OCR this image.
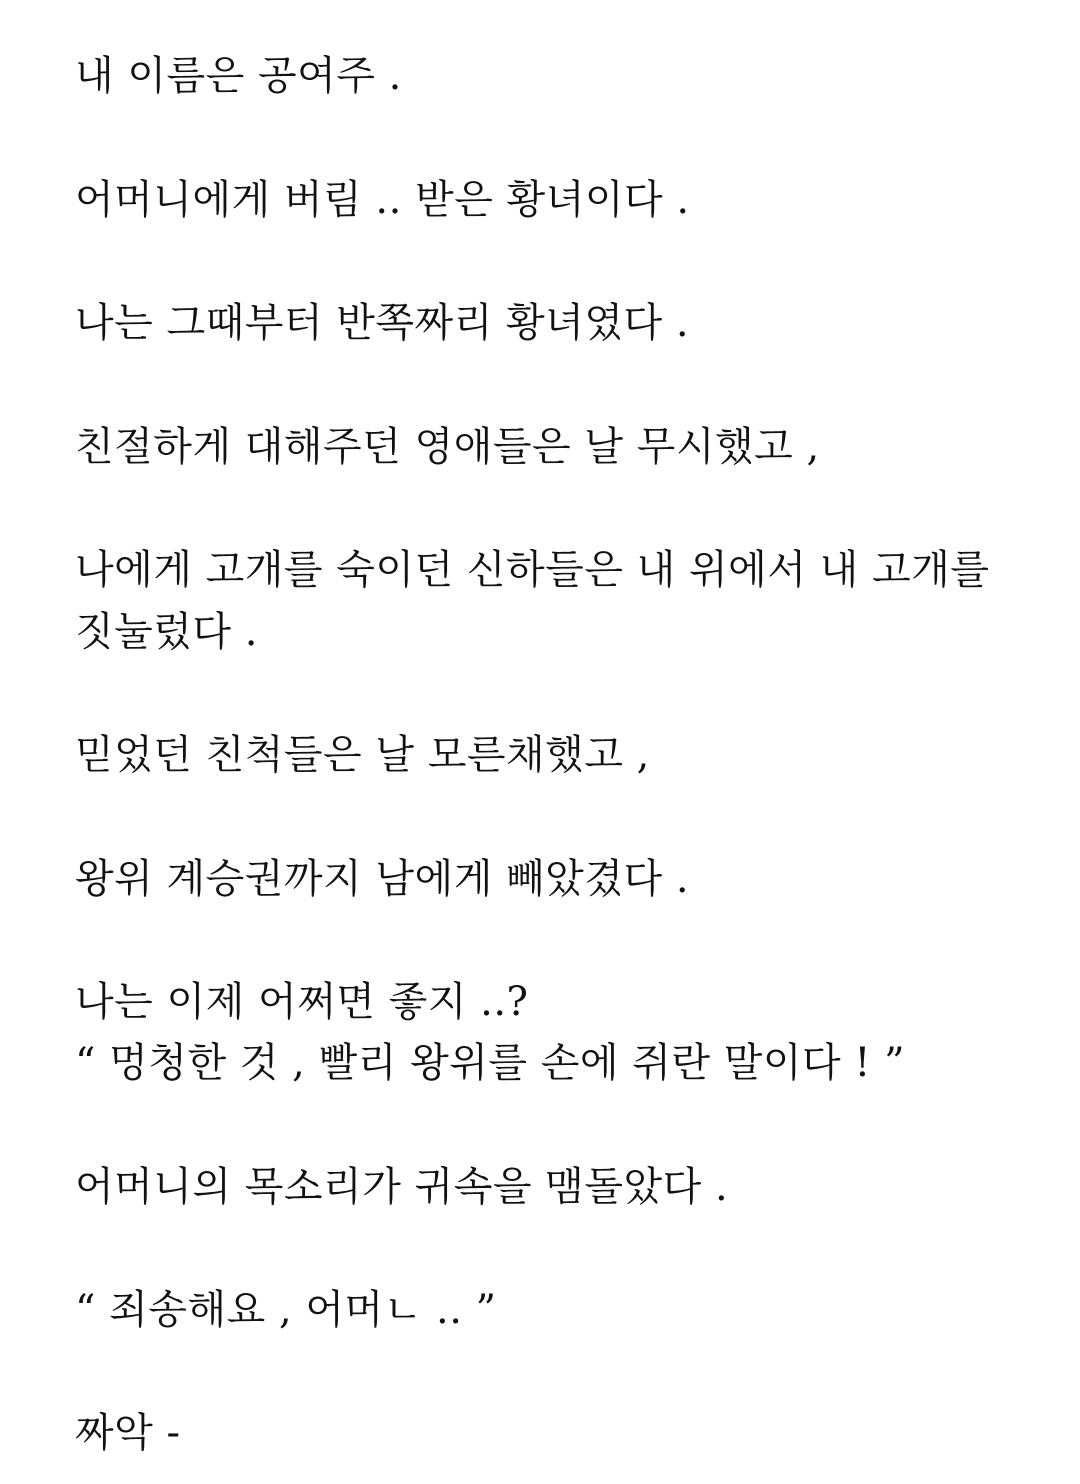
내 이름은 공여주 .

어머니에게 버림 .. 받은 황녀이다 .

나는 그때부터 반쪽짜리 황녀였다 .

친절하게 대해주던 영애들은 날 무시했고 ,

나에게 고개를 숙이던 신하들은 내 위에서 내 고개를

짓눌렀다 .

믿었던 친척들은 날 모른채했고 ,

왕위 계승권까지 남에게 빼았겼다 .

나는 이제 어쩌면 좋지 ..?

“ 멍청한 것 , 빨리 왕위를 손에 쥐란 말이다 ! ”

어머니의 목소리가 귀속을 맴돌았다 .

“ 죄송해요 , 어머ㄴ .. ”

짜악 -
